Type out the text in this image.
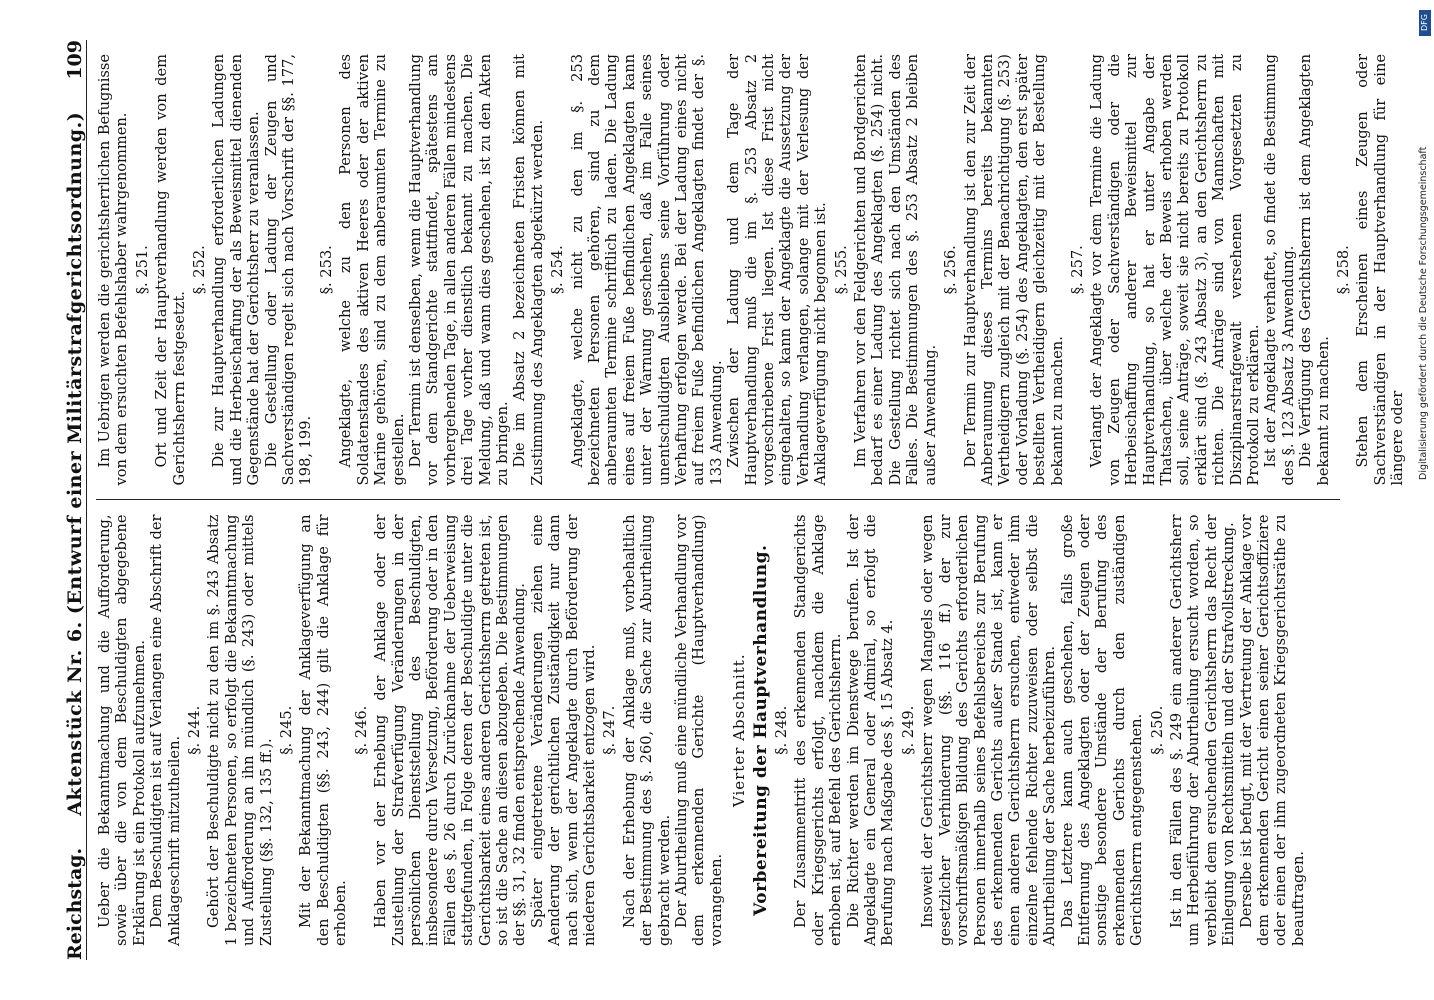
Reichstag.
Aktenstück Nr. 6. (Entwurf einer Militärstrafgerichtsordnung.)
109
Ueber die Bekanntmachung und die Aufforderung, sowie über die von dem Beschuldigten abgegebene Erklärung ist ein Protokoll aufzunehmen. Dem Beschuldigten ist auf Verlangen eine Abschrift der Anklageschrift mitzutheilen.
§. 244. Gehört der Beschuldigte nicht zu den im §. 243 Absatz 1 bezeichneten Personen, so erfolgt die Bekanntmachung und Aufforderung an ihn mündlich (§. 243) oder mittels Zustellung (§§. 132, 135 ff.).
§. 245. Mit der Bekanntmachung der Anklageverfügung an den Beschuldigten (§§. 243, 244) gilt die Anklage für erhoben.
§. 246. Haben vor der Erhebung der Anklage oder der Zustellung der Strafverfügung Veränderungen in der persönlichen Dienststellung des Beschuldigten, insbesondere durch Versetzung, Beförderung oder in den Fällen des §. 26 durch Zurücknahme der Ueberweisung stattgefunden, in Folge deren der Beschuldigte unter die Gerichtsbarkeit eines anderen Gerichtsherrn getreten ist, so ist die Sache an diesen abzugeben. Die Bestimmungen der §§. 31, 32 finden entsprechende Anwendung. Später eingetretene Veränderungen ziehen eine Aenderung der gerichtlichen Zuständigkeit nur dann nach sich, wenn der Angeklagte durch Beförderung der niederen Gerichtsbarkeit entzogen wird. §. 247. Nach der Erhebung der Anklage muß, vorbehaltlich der Bestimmung des §. 260, die Sache zur Aburtheilung gebracht werden. Der Aburtheilung muß eine mündliche Verhandlung vor dem erkennenden Gerichte (Hauptverhandlung) vorangehen.
Vierter Abschnitt. Vorbereitung der Hauptverhandlung. §. 248. Der Zusammentritt des erkennenden Standgerichts oder Kriegsgerichts erfolgt, nachdem die Anklage erhoben ist, auf Befehl des Gerichtsherrn. Die Richter werden im Dienstwege berufen. Ist der Angeklagte ein General oder Admiral, so erfolgt die Berufung nach Maßgabe des §. 15 Absatz 4. §. 249. Insoweit der Gerichtsherr wegen Mangels oder wegen gesetzlicher Verhinderung (§§. 116 ff.) der zur vorschriftsmäßigen Bildung des Gerichts erforderlichen Personen innerhalb seines Befehlsbereichs zur Berufung des erkennenden Gerichts außer Stande ist, kann er einen anderen Gerichtsherrn ersuchen, entweder ihm einzelne fehlende Richter zuzuweisen oder selbst die Aburtheilung der Sache herbeizuführen. Das Letztere kann auch geschehen, falls große Entfernung des Angeklagten oder der Zeugen oder sonstige besondere Umstände der Berufung des erkennenden Gerichts durch den zuständigen Gerichtsherrn entgegenstehen. §. 250. Ist in den Fällen des §. 249 ein anderer Gerichtsherr um Herbeiführung der Aburtheilung ersucht worden, so verbleibt dem ersuchenden Gerichtsherrn das Recht der Einlegung von Rechtsmitteln und der Strafvollstreckung. Derselbe ist befugt, mit der Vertretung der Anklage vor dem erkennenden Gericht einen seiner Gerichtsoffiziere oder einen der ihm zugeordneten Kriegsgerichtsräthe zu beauftragen.
Im Uebrigen werden die gerichtsherrlichen Befugnisse von dem ersuchten Befehlshaber wahrgenommen. §. 251. Ort und Zeit der Hauptverhandlung werden von dem Gerichtsherrn festgesetzt.
§. 252. Die zur Hauptverhandlung erforderlichen Ladungen und die Herbeischaffung der als Beweismittel dienenden Gegenstände hat der Gerichtsherr zu veranlassen. Die Gestellung oder Ladung der Zeugen und Sachverständigen regelt sich nach Vorschrift der §§. 177, 198, 199.
§. 253. Angeklagte, welche zu den Personen des Soldatenstandes des aktiven Heeres oder der aktiven Marine gehören, sind zu dem anberaumten Termine zu gestellen. Der Termin ist denselben, wenn die Hauptverhandlung vor dem Standgerichte stattfindet, spätestens am vorhergehenden Tage, in allen anderen Fällen mindestens drei Tage vorher dienstlich bekannt zu machen. Die Meldung, daß und wann dies geschehen, ist zu den Akten zu bringen. Die im Absatz 2 bezeichneten Fristen können mit Zustimmung des Angeklagten abgekürzt werden. §. 254. Angeklagte, welche nicht zu den im §. 253 bezeichneten Personen gehören, sind zu dem anberaumten Termine schriftlich zu laden. Die Ladung eines auf freiem Fuße befindlichen Angeklagten kann unter der Warnung geschehen, daß im Falle seines unentschuldigten Ausbleibens seine Vorführung oder Verhaftung erfolgen werde. Bei der Ladung eines nicht auf freiem Fuße befindlichen Angeklagten findet der §. 133 Anwendung. Zwischen der Ladung und dem Tage der Hauptverhandlung muß die im §. 253 Absatz 2 vorgeschriebene Frist liegen. Ist diese Frist nicht eingehalten, so kann der Angeklagte die Aussetzung der Verhandlung verlangen, solange mit der Verlesung der Anklageverfügung nicht begonnen ist. §. 255. Im Verfahren vor den Feldgerichten und Bordgerichten bedarf es einer Ladung des Angeklagten (§. 254) nicht. Die Gestellung richtet sich nach den Umständen des Falles. Die Bestimmungen des §. 253 Absatz 2 bleiben außer Anwendung.
§. 256. Der Termin zur Hauptverhandlung ist den zur Zeit der Anberaumung dieses Termins bereits bekannten Vertheidigern zugleich mit der Benachrichtigung (§. 253) oder Vorladung (§. 254) des Angeklagten, den erst später bestellten Vertheidigern gleichzeitig mit der Bestellung bekannt zu machen.
§. 257. Verlangt der Angeklagte vor dem Termine die Ladung von Zeugen oder Sachverständigen oder die Herbeischaffung anderer Beweismittel zur Hauptverhandlung, so hat er unter Angabe der Thatsachen, über welche der Beweis erhoben werden soll, seine Anträge, soweit sie nicht bereits zu Protokoll erklärt sind (§. 243 Absatz 3), an den Gerichtsherrn zu richten. Die Anträge sind von Mannschaften mit Disziplinarstrafgewalt versehenen Vorgesetzten zu Protokoll zu erklären. Ist der Angeklagte verhaftet, so findet die Bestimmung des §. 123 Absatz 3 Anwendung. Die Verfügung des Gerichtsherrn ist dem Angeklagten bekannt zu machen.
§. 258. Stehen dem Erscheinen eines Zeugen oder Sachverständigen in der Hauptverhandlung für eine längere oder
DFG
Digitalisierung gefördert durch die Deutsche Forschungsgemeinschaft
